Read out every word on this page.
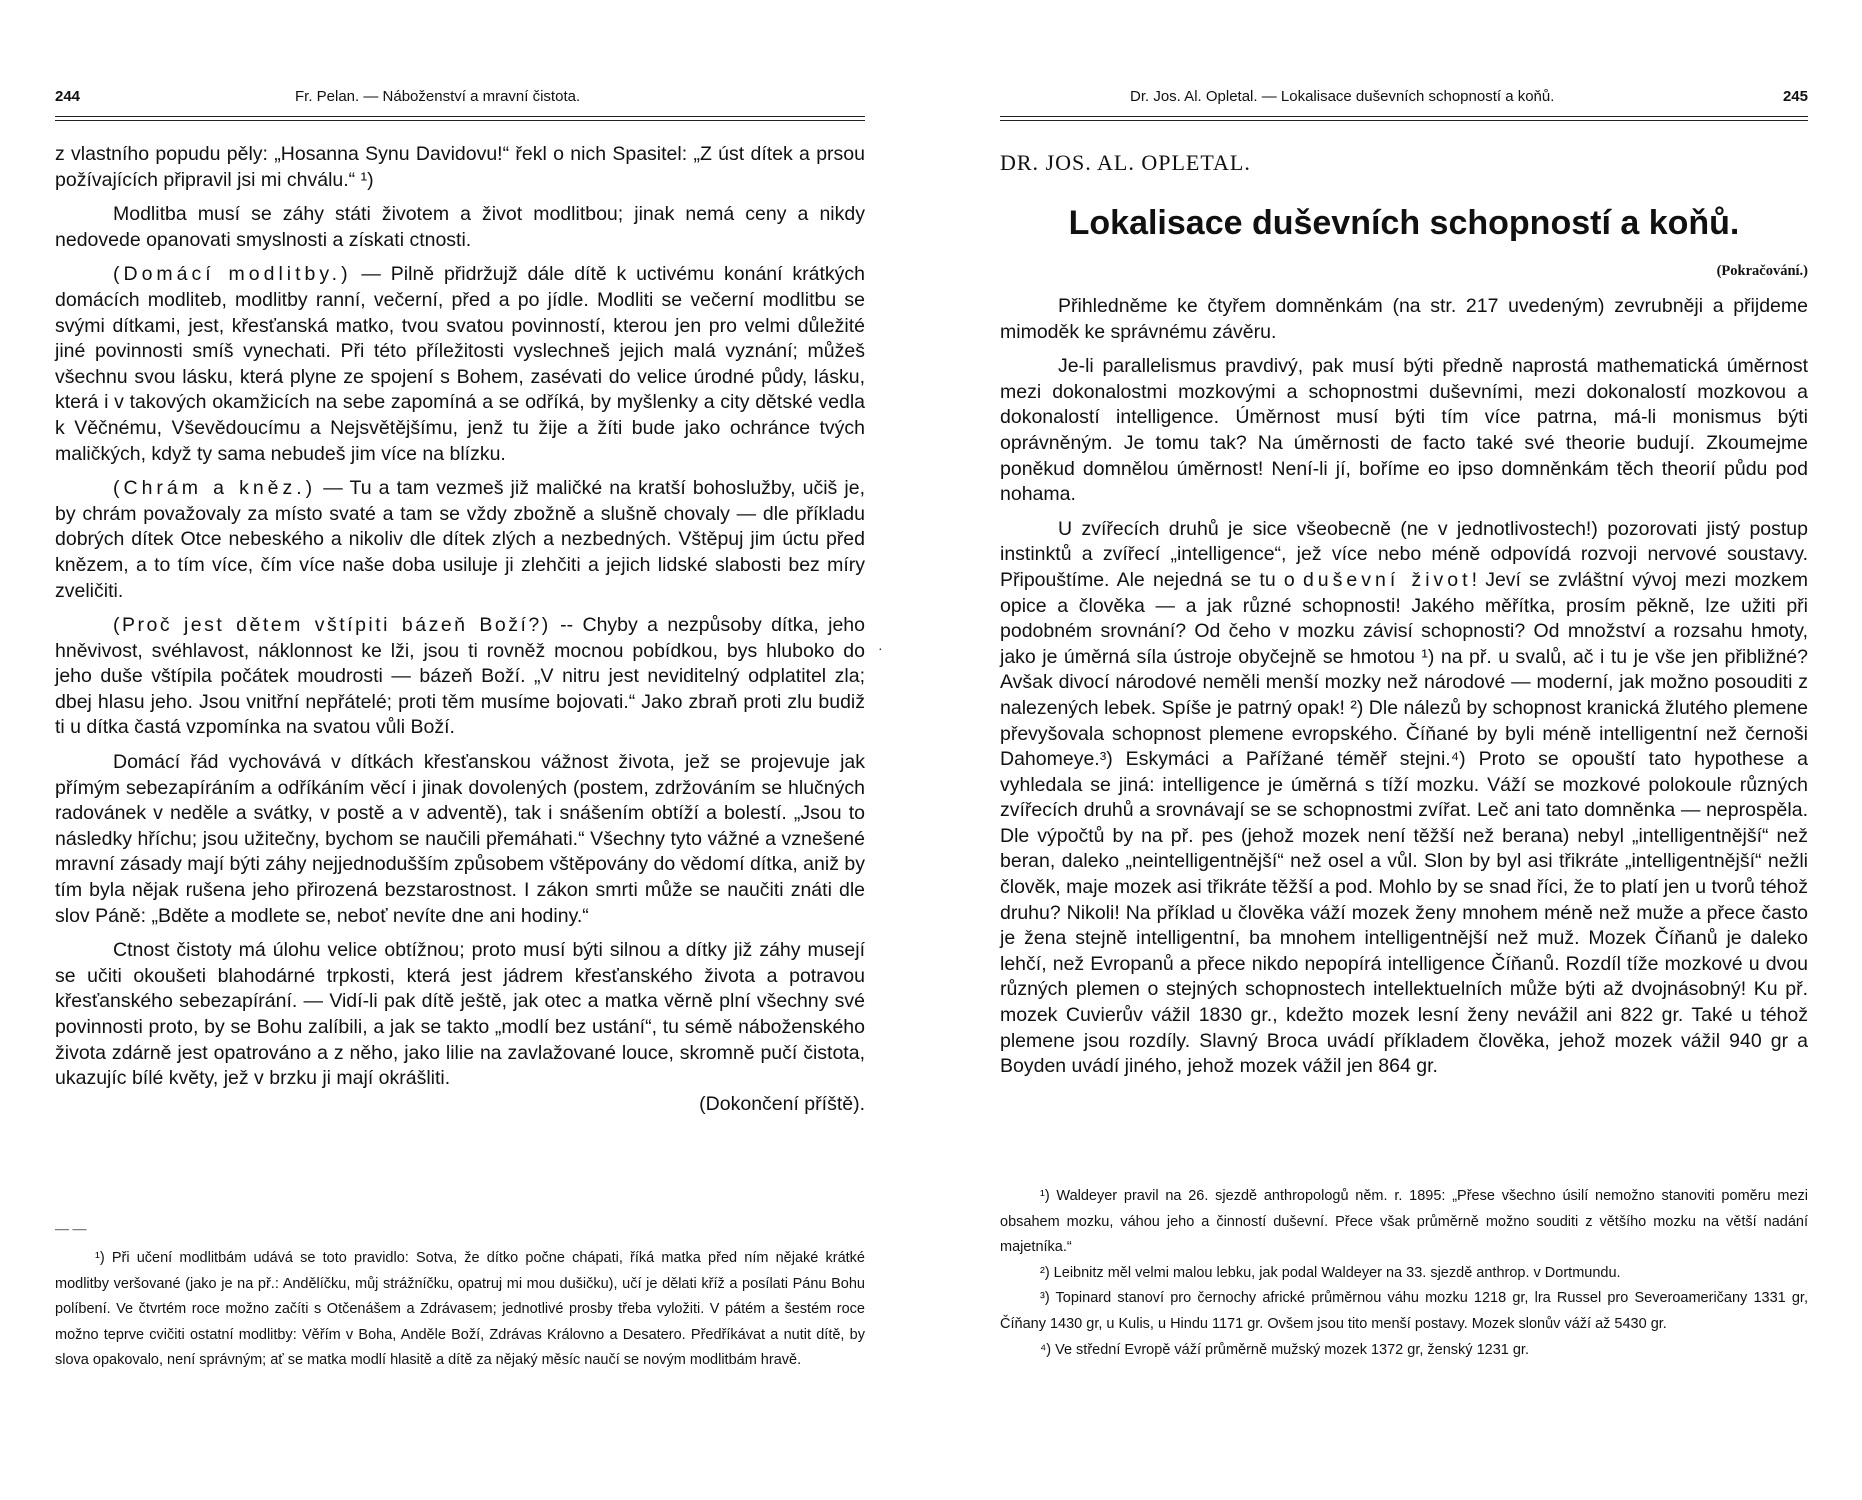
244	Fr. Pelan. — Náboženství a mravní čistota.

z vlastního popudu pěly: „Hosanna Synu Davidovu!“ řekl o nich Spasitel: „Z úst dítek a prsou požívajících připravil jsi mi chválu.“ ¹)

Modlitba musí se záhy státi životem a život modlitbou; jinak nemá ceny a nikdy nedovede opanovati smyslnosti a získati ctnosti.

(Domácí modlitby.) — Pilně přidržujž dále dítě k uctivému konání krátkých domácích modliteb, modlitby ranní, večerní, před a po jídle. Modliti se večerní modlitbu se svými dítkami, jest, křesťanská matko, tvou svatou povinností, kterou jen pro velmi důležité jiné povinnosti smíš vynechati. Při této příležitosti vyslechneš jejich malá vyznání; můžeš všechnu svou lásku, která plyne ze spojení s Bohem, zasévati do velice úrodné půdy, lásku, která i v takových okamžicích na sebe zapomíná a se odříká, by myšlenky a city dětské vedla k Věčnému, Vševědoucímu a Nejsvětějšímu, jenž tu žije a žíti bude jako ochránce tvých maličkých, když ty sama nebudeš jim více na blízku.

(Chrám a kněz.) — Tu a tam vezmeš již maličké na kratší bohoslužby, učiš je, by chrám považovaly za místo svaté a tam se vždy zbožně a slušně chovaly — dle příkladu dobrých dítek Otce nebeského a nikoliv dle dítek zlých a nezbedných. Vštěpuj jim úctu před knězem, a to tím více, čím více naše doba usiluje ji zlehčiti a jejich lidské slabosti bez míry zveličiti.

(Proč jest dětem vštípiti bázeň Boží?) -- Chyby a nezpůsoby dítka, jeho hněvivost, svéhlavost, náklonnost ke lži, jsou ti rovněž mocnou pobídkou, bys hluboko do jeho duše vštípila počátek moudrosti — bázeň Boží. „V nitru jest neviditelný odplatitel zla; dbej hlasu jeho. Jsou vnitřní nepřátelé; proti těm musíme bojovati.“ Jako zbraň proti zlu budiž ti u dítka častá vzpomínka na svatou vůli Boží.

Domácí řád vychovává v dítkách křesťanskou vážnost života, jež se projevuje jak přímým sebezapíráním a odříkáním věcí i jinak dovolených (postem, zdržováním se hlučných radovánek v neděle a svátky, v postě a v adventě), tak i snášením obtíží a bolestí. „Jsou to následky hříchu; jsou užitečny, bychom se naučili přemáhati.“ Všechny tyto vážné a vznešené mravní zásady mají býti záhy nejjednodušším způsobem vštěpovány do vědomí dítka, aniž by tím byla nějak rušena jeho přirozená bezstarostnost. I zákon smrti může se naučiti znáti dle slov Páně: „Bděte a modlete se, neboť nevíte dne ani hodiny.“

Ctnost čistoty má úlohu velice obtížnou; proto musí býti silnou a dítky již záhy musejí se učiti okoušeti blahodárné trpkosti, která jest jádrem křesťanského života a potravou křesťanského sebezapírání. — Vidí-li pak dítě ještě, jak otec a matka věrně plní všechny své povinnosti proto, by se Bohu zalíbili, a jak se takto „modlí bez ustání“, tu sémě náboženského života zdárně jest opatrováno a z něho, jako lilie na zavlažované louce, skromně pučí čistota, ukazujíc bílé květy, jež v brzku ji mají okrášliti.

(Dokončení příště).

— —

¹) Při učení modlitbám udává se toto pravidlo: Sotva, že dítko počne chápati, říká matka před ním nějaké krátké modlitby veršované (jako je na př.: Andělíčku, můj strážníčku, opatruj mi mou dušičku), učí je dělati kříž a posílati Pánu Bohu políbení. Ve čtvrtém roce možno začíti s Otčenášem a Zdrávasem; jednotlivé prosby třeba vyložiti. V pátém a šestém roce možno teprve cvičiti ostatní modlitby: Věřím v Boha, Anděle Boží, Zdrávas Královno a Desatero. Předříkávat a nutit dítě, by slova opakovalo, není správným; ať se matka modlí hlasitě a dítě za nějaký měsíc naučí se novým modlitbám hravě.

·
Dr. Jos. Al. Opletal. — Lokalisace duševních schopností a koňů.	245
DR. JOS. AL. OPLETAL.
Lokalisace duševních schopností a koňů.
(Pokračování.)

Přihledněme ke čtyřem domněnkám (na str. 217 uvedeným) zevrubněji a přijdeme mimoděk ke správnému závěru.

Je-li parallelismus pravdivý, pak musí býti předně naprostá mathematická úměrnost mezi dokonalostmi mozkovými a schopnostmi duševními, mezi dokonalostí mozkovou a dokonalostí intelligence. Úměrnost musí býti tím více patrna, má-li monismus býti oprávněným. Je tomu tak? Na úměrnosti de facto také své theorie budují. Zkoumejme poněkud domnělou úměrnost! Není-li jí, boříme eo ipso domněnkám těch theorií půdu pod nohama.

U zvířecích druhů je sice všeobecně (ne v jednotlivostech!) pozorovati jistý postup instinktů a zvířecí „intelligence“, jež více nebo méně odpovídá rozvoji nervové soustavy. Připouštíme. Ale nejedná se tu o duševní život! Jeví se zvláštní vývoj mezi mozkem opice a člověka — a jak různé schopnosti! Jakého měřítka, prosím pěkně, lze užiti při podobném srovnání? Od čeho v mozku závisí schopnosti? Od množství a rozsahu hmoty, jako je úměrná síla ústroje obyčejně se hmotou ¹) na př. u svalů, ač i tu je vše jen přibližné? Avšak divocí národové neměli menší mozky než národové — moderní, jak možno posouditi z nalezených lebek. Spíše je patrný opak! ²) Dle nálezů by schopnost kranická žlutého plemene převyšovala schopnost plemene evropského. Číňané by byli méně intelligentní než černoši Dahomeye.³) Eskymáci a Pařížané téměř stejni.⁴) Proto se opouští tato hypothese a vyhledala se jiná: intelligence je úměrná s tíží mozku. Váží se mozkové polokoule různých zvířecích druhů a srovnávají se se schopnostmi zvířat. Leč ani tato domněnka — neprospěla. Dle výpočtů by na př. pes (jehož mozek není těžší než berana) nebyl „intelligentnější“ než beran, daleko „neintelligentnější“ než osel a vůl. Slon by byl asi třikráte „intelligentnější“ nežli člověk, maje mozek asi třikráte těžší a pod. Mohlo by se snad říci, že to platí jen u tvorů téhož druhu? Nikoli! Na příklad u člověka váží mozek ženy mnohem méně než muže a přece často je žena stejně intelligentní, ba mnohem intelligentnější než muž. Mozek Číňanů je daleko lehčí, než Evropanů a přece nikdo nepopírá intelligence Číňanů. Rozdíl tíže mozkové u dvou různých plemen o stejných schopnostech intellektuelních může býti až dvojnásobný! Ku př. mozek Cuvierův vážil 1830 gr., kdežto mozek lesní ženy nevážil ani 822 gr. Také u téhož plemene jsou rozdíly. Slavný Broca uvádí příkladem člověka, jehož mozek vážil 940 gr a Boyden uvádí jiného, jehož mozek vážil jen 864 gr.

¹) Waldeyer pravil na 26. sjezdě anthropologů něm. r. 1895: „Přese všechno úsilí nemožno stanoviti poměru mezi obsahem mozku, váhou jeho a činností duševní. Přece však průměrně možno souditi z většího mozku na větší nadání majetníka.“

²) Leibnitz měl velmi malou lebku, jak podal Waldeyer na 33. sjezdě anthrop. v Dortmundu.

³) Topinard stanoví pro černochy africké průměrnou váhu mozku 1218 gr, lra Russel pro Severoameričany 1331 gr, Číňany 1430 gr, u Kulis, u Hindu 1171 gr. Ovšem jsou tito menší postavy. Mozek slonův váží až 5430 gr.

⁴) Ve střední Evropě váží průměrně mužský mozek 1372 gr, ženský 1231 gr.
